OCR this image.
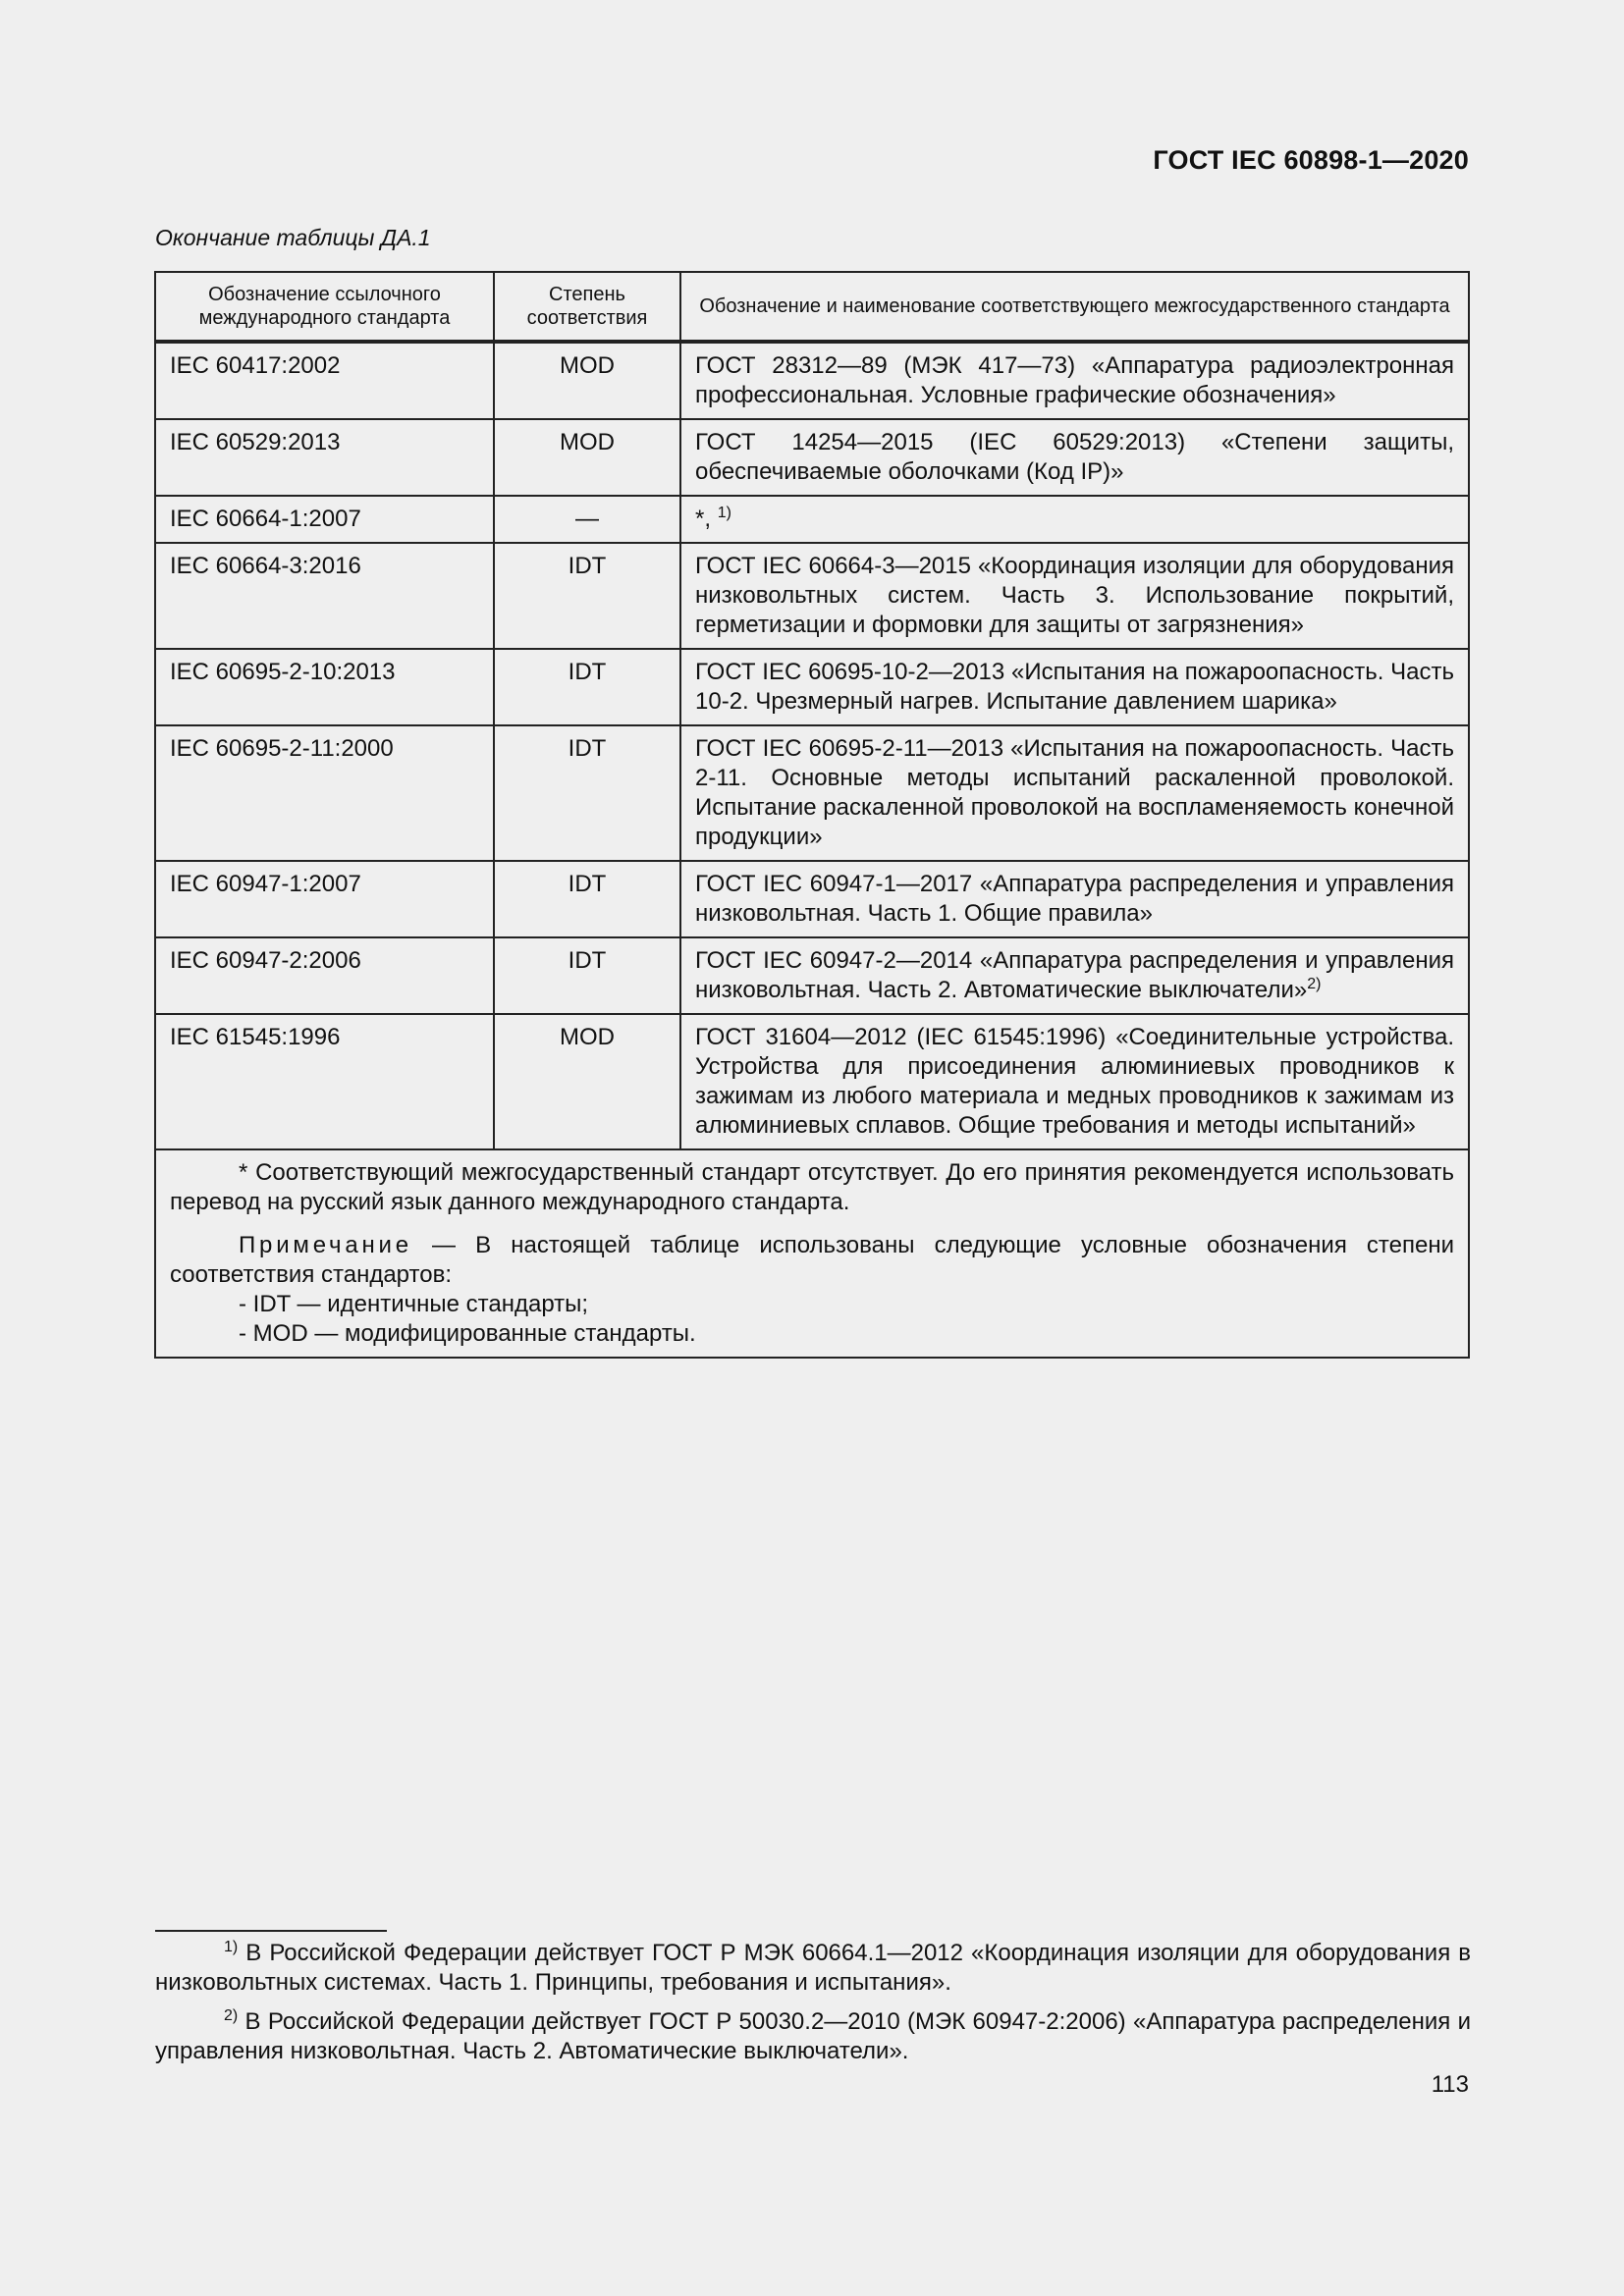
ГОСТ IEC 60898-1—2020
Окончание таблицы ДА.1
Обозначение ссылочного международного стандарта	Степень соответствия	Обозначение и наименование соответствующего межгосударственного стандарта
IEC 60417:2002	MOD	ГОСТ 28312—89 (МЭК 417—73) «Аппаратура радиоэлектронная профессиональная. Условные графические обозначения»
IEC 60529:2013	MOD	ГОСТ 14254—2015 (IEC 60529:2013) «Степени защиты, обеспечиваемые оболочками (Код IP)»
IEC 60664-1:2007	—	*, $^{1)}$
IEC 60664-3:2016	IDT	ГОСТ IEC 60664-3—2015 «Координация изоляции для оборудования низковольтных систем. Часть 3. Использование покрытий, герметизации и формовки для защиты от загрязнения»
IEC 60695-2-10:2013	IDT	ГОСТ IEC 60695-10-2—2013 «Испытания на пожароопасность. Часть 10-2. Чрезмерный нагрев. Испытание давлением шарика»
IEC 60695-2-11:2000	IDT	ГОСТ IEC 60695-2-11—2013 «Испытания на пожароопасность. Часть 2-11. Основные методы испытаний раскаленной проволокой. Испытание раскаленной проволокой на воспламеняемость конечной продукции»
IEC 60947-1:2007	IDT	ГОСТ IEC 60947-1—2017 «Аппаратура распределения и управления низковольтная. Часть 1. Общие правила»
IEC 60947-2:2006	IDT	ГОСТ IEC 60947-2—2014 «Аппаратура распределения и управления низковольтная. Часть 2. Автоматические выключатели»$^{2)}$
IEC 61545:1996	MOD	ГОСТ 31604—2012 (IEC 61545:1996) «Соединительные устройства. Устройства для присоединения алюминиевых проводников к зажимам из любого материала и медных проводников к зажимам из алюминиевых сплавов. Общие требования и методы испытаний»

* Соответствующий межгосударственный стандарт отсутствует. До его принятия рекомендуется использовать перевод на русский язык данного международного стандарта.

Примечание — В настоящей таблице использованы следующие условные обозначения степени соответствия стандартов:

- IDT — идентичные стандарты;
- MOD — модифицированные стандарты.		

$^{1)}$ В Российской Федерации действует ГОСТ Р МЭК 60664.1—2012 «Координация изоляции для оборудования в низковольтных системах. Часть 1. Принципы, требования и испытания».

$^{2)}$ В Российской Федерации действует ГОСТ Р 50030.2—2010 (МЭК 60947-2:2006) «Аппаратура распределения и управления низковольтная. Часть 2. Автоматические выключатели».

113
